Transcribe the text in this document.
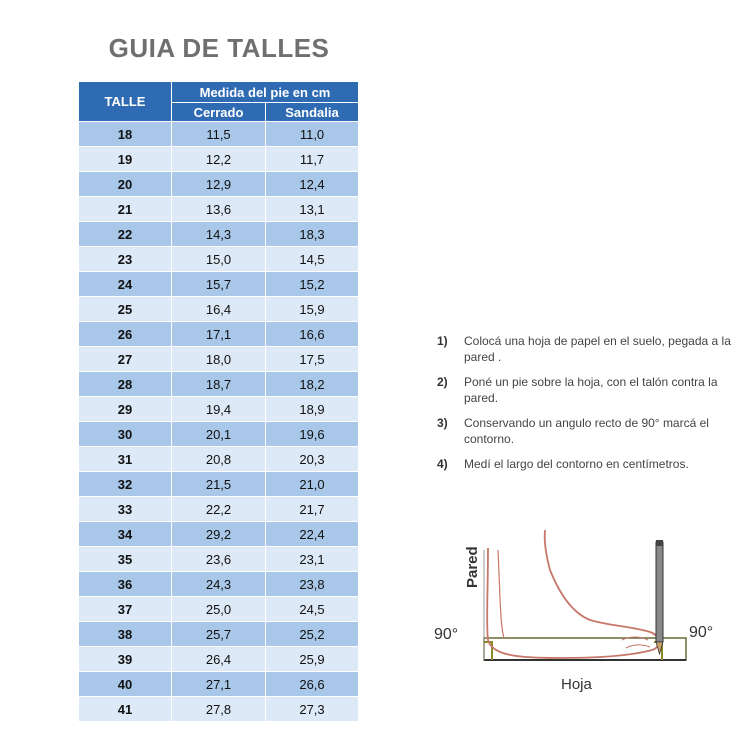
GUIA DE TALLES
TALLE	Medida del pie en cm	
	Cerrado	Sandalia
18	11,5	11,0
19	12,2	11,7
20	12,9	12,4
21	13,6	13,1
22	14,3	18,3
23	15,0	14,5
24	15,7	15,2
25	16,4	15,9
26	17,1	16,6
27	18,0	17,5
28	18,7	18,2
29	19,4	18,9
30	20,1	19,6
31	20,8	20,3
32	21,5	21,0
33	22,2	21,7
34	29,2	22,4
35	23,6	23,1
36	24,3	23,8
37	25,0	24,5
38	25,7	25,2
39	26,4	25,9
40	27,1	26,6
41	27,8	27,3
1)	Colocá una hoja de papel en el suelo, pegada a la pared .
2)	Poné un pie sobre la hoja, con el talón contra la pared.
3)	Conservando un angulo recto de 90° marcá el contorno.
4)	Medí el largo del contorno en centímetros.
Pared
90°	90°
Hoja
